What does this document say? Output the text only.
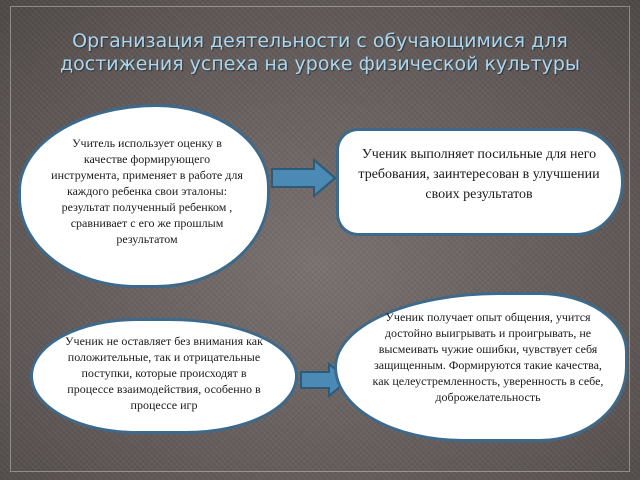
Организация деятельности с обучающимися для достижения успеха на уроке физической культуры
Учитель использует оценку в качестве формирующего инструмента, применяет в работе для каждого ребенка свои эталоны: результат полученный ребенком , сравнивает с его же прошлым результатом
Ученик выполняет посильные для него требования, заинтересован в улучшении своих результатов
Ученик не оставляет без внимания как положительные, так и отрицательные поступки, которые происходят в процессе взаимодействия, особенно в процессе игр
Ученик получает опыт общения, учится достойно выигрывать и проигрывать, не высмеивать чужие ошибки, чувствует себя защищенным. Формируются такие качества, как целеустремленность, уверенность в себе, доброжелательность
